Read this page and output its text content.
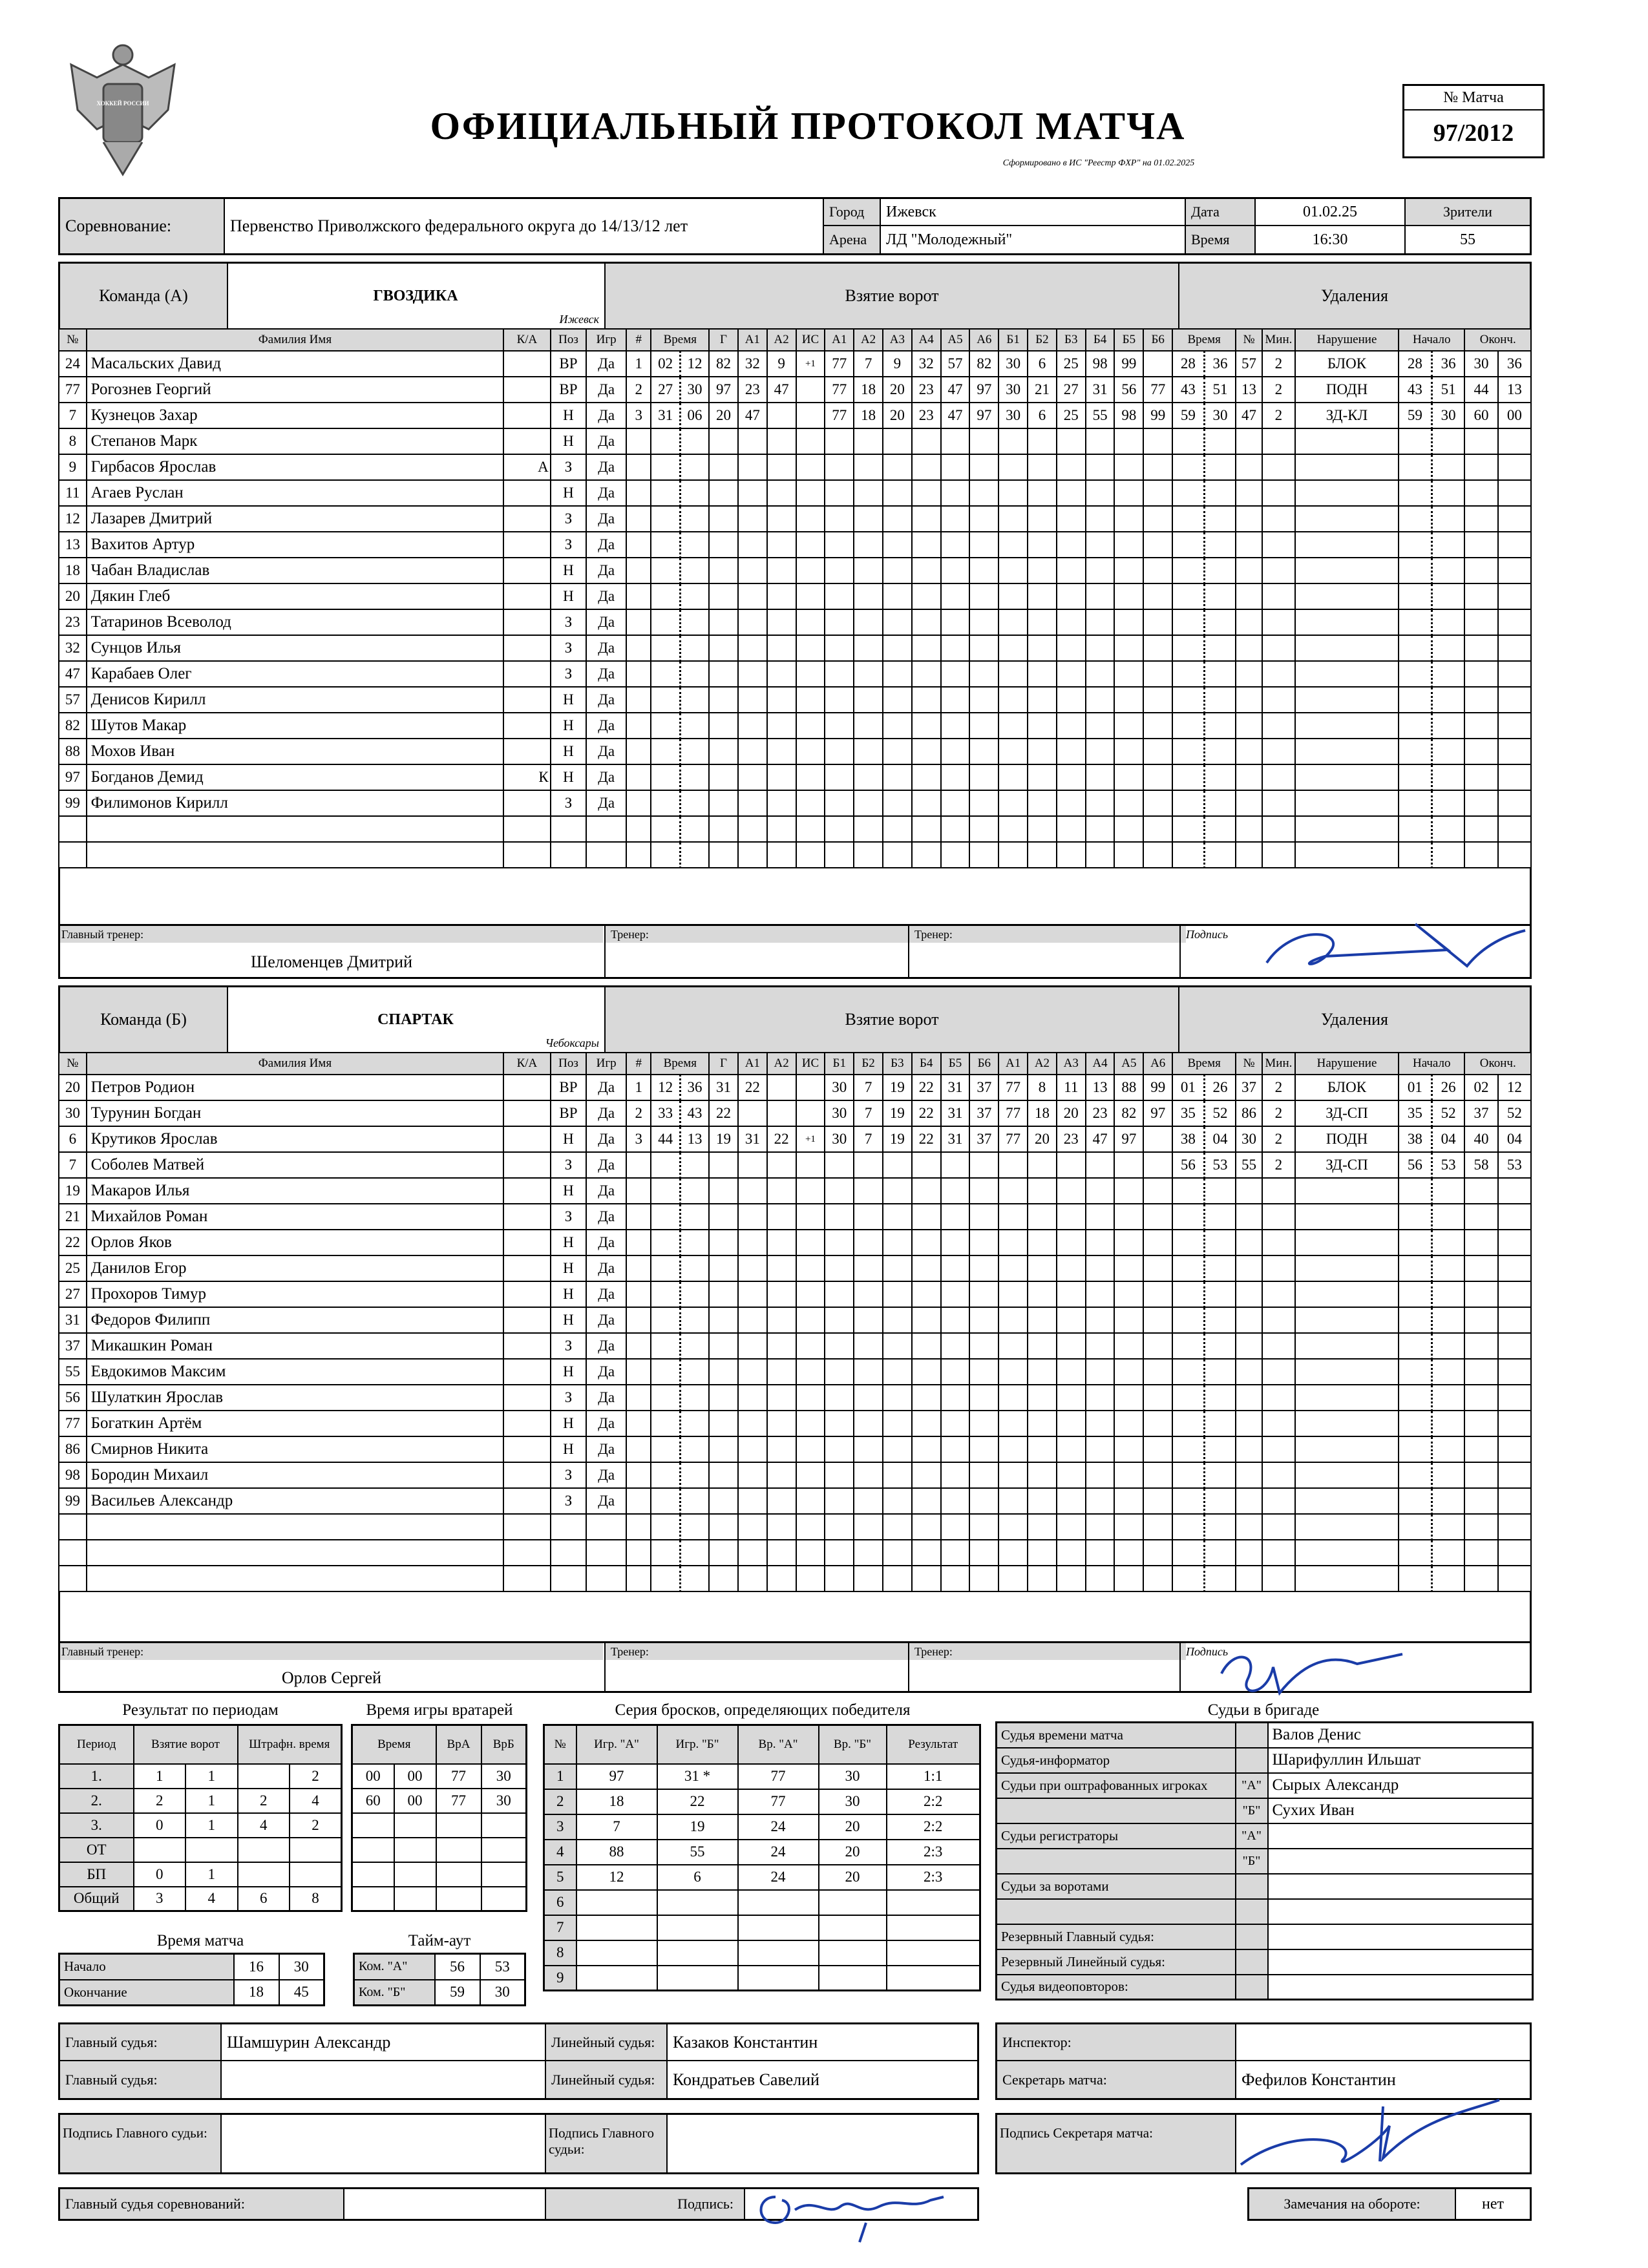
ХОККЕЙ РОССИИ
ОФИЦИАЛЬНЫЙ ПРОТОКОЛ МАТЧА
Сформировано в ИС "Реестр ФХР" на 01.02.2025
№ Матча
97/2012
Соревнование:	Первенство Приволжского федерального округа до 14/13/12 лет
Город	Ижевск
Арена	ЛД "Молодежный"
Дата	01.02.25
Время	16:30
Зрители
55
Команда (А)	ГВОЗДИКА
Ижевск
Взятие ворот	Удаления
№	Фамилия Имя	К/А	Поз	Игр	#	Время		Г	А1	А2	ИС	А1	А2	А3	А4	А5	А6	Б1	Б2	Б3	Б4	Б5	Б6	Время		№	Мин.	Нарушение	Начало		Оконч.	
24	Масальских Давид		ВР	Да	1	02	12	82	32	9	+1	77	7	9	32	57	82	30	6	25	98	99		28	36	57	2	БЛОК	28	36	30	36
77	Рогознев Георгий		ВР	Да	2	27	30	97	23	47		77	18	20	23	47	97	30	21	27	31	56	77	43	51	13	2	ПОДН	43	51	44	13
7	Кузнецов Захар		Н	Да	3	31	06	20	47			77	18	20	23	47	97	30	6	25	55	98	99	59	30	47	2	ЗД-КЛ	59	30	60	00
8	Степанов Марк		Н	Да																												
9	Гирбасов Ярослав	А	З	Да																												
11	Агаев Руслан		Н	Да																												
12	Лазарев Дмитрий		З	Да																												
13	Вахитов Артур		З	Да																												
18	Чабан Владислав		Н	Да																												
20	Дякин Глеб		Н	Да																												
23	Татаринов Всеволод		З	Да																												
32	Сунцов Илья		З	Да																												
47	Карабаев Олег		З	Да																												
57	Денисов Кирилл		Н	Да																												
82	Шутов Макар		Н	Да																												
88	Мохов Иван		Н	Да																												
97	Богданов Демид	К	Н	Да																												
99	Филимонов Кирилл		З	Да																												

Главный тренер:
Шеломенцев Дмитрий
Тренер:	Тренер:	Подпись
Команда (Б)	СПАРТАК
Чебоксары
Взятие ворот	Удаления
№	Фамилия Имя	К/А	Поз	Игр	#	Время		Г	А1	А2	ИС	Б1	Б2	Б3	Б4	Б5	Б6	А1	А2	А3	А4	А5	А6	Время		№	Мин.	Нарушение	Начало		Оконч.	
20	Петров Родион		ВР	Да	1	12	36	31	22			30	7	19	22	31	37	77	8	11	13	88	99	01	26	37	2	БЛОК	01	26	02	12
30	Турунин Богдан		ВР	Да	2	33	43	22				30	7	19	22	31	37	77	18	20	23	82	97	35	52	86	2	ЗД-СП	35	52	37	52
6	Крутиков Ярослав		Н	Да	3	44	13	19	31	22	+1	30	7	19	22	31	37	77	20	23	47	97		38	04	30	2	ПОДН	38	04	40	04
7	Соболев Матвей		З	Да																				56	53	55	2	ЗД-СП	56	53	58	53
19	Макаров Илья		Н	Да																												
21	Михайлов Роман		З	Да																												
22	Орлов Яков		Н	Да																												
25	Данилов Егор		Н	Да																												
27	Прохоров Тимур		Н	Да																												
31	Федоров Филипп		Н	Да																												
37	Микашкин Роман		З	Да																												
55	Евдокимов Максим		Н	Да																												
56	Шулаткин Ярослав		З	Да																												
77	Богаткин Артём		Н	Да																												
86	Смирнов Никита		Н	Да																												
98	Бородин Михаил		З	Да																												
99	Васильев Александр		З	Да																												

Главный тренер:
Орлов Сергей
Тренер:	Тренер:	Подпись
Результат по периодам
Период	Взятие ворот		Штрафн. время	
1.	1	1		2
2.	2	1	2	4
3.	0	1	4	2
ОТ				
БП	0	1		
Общий	3	4	6	8
Время игры вратарей
Время		ВрА	ВрБ
00	00	77	30
60	00	77	30

Серия бросков, определяющих победителя
№	Игр. "А"	Игр. "Б"	Вр. "А"	Вр. "Б"	Результат
1	97	31 *	77	30	1:1
2	18	22	77	30	2:2
3	7	19	24	20	2:2
4	88	55	24	20	2:3
5	12	6	24	20	2:3
6					
7					
8					
9					
Время матча
Начало	16	30
Окончание	18	45
Тайм-аут
Ком. "А"	56	53
Ком. "Б"	59	30
Судьи в бригаде
Судья времени матча		Валов Денис
Судья-информатор		Шарифуллин Ильшат
Судьи при оштрафованных игроках	"А"	Сырых Александр
	"Б"	Сухих Иван
Судьи регистраторы	"А"	
	"Б"	
Судьи за воротами		

Резервный Главный судья:		
Резервный Линейный судья:		
Судья видеоповторов:		
Главный судья:	Шамшурин Александр
Главный судья:
Линейный судья:	Казаков Константин
Линейный судья:	Кондратьев Савелий
Инспектор:
Секретарь матча:	Фефилов Константин
Подпись Главного судьи:	Подпись Главного судьи:
Подпись Секретаря матча:
Главный судья соревнований:	Подпись:	Замечания на обороте:	нет
